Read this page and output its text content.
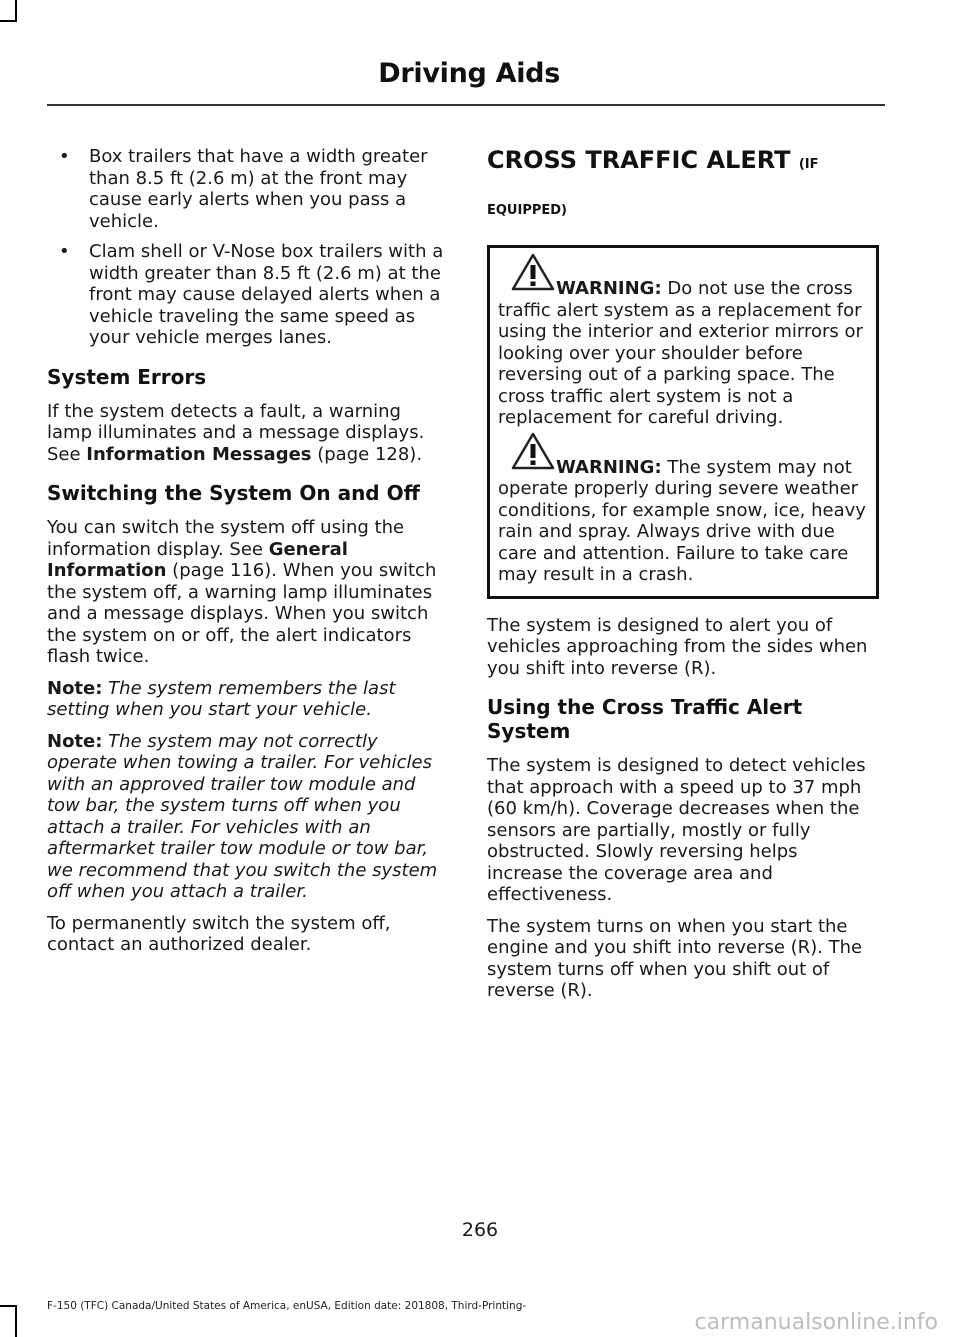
Driving Aids
• Box trailers that have a width greater than 8.5 ft (2.6 m) at the front may cause early alerts when you pass a vehicle.
• Clam shell or V-Nose box trailers with a width greater than 8.5 ft (2.6 m) at the front may cause delayed alerts when a vehicle traveling the same speed as your vehicle merges lanes.
System Errors

If the system detects a fault, a warning lamp illuminates and a message displays. See Information Messages (page 128).

Switching the System On and Off

You can switch the system off using the information display. See General Information (page 116). When you switch the system off, a warning lamp illuminates and a message displays. When you switch the system on or off, the alert indicators flash twice.

Note: The system remembers the last setting when you start your vehicle.

Note: The system may not correctly operate when towing a trailer. For vehicles with an approved trailer tow module and tow bar, the system turns off when you attach a trailer. For vehicles with an aftermarket trailer tow module or tow bar, we recommend that you switch the system off when you attach a trailer.

To permanently switch the system off, contact an authorized dealer.

CROSS TRAFFIC ALERT (IF
EQUIPPED)
WARNING: Do not use the cross traffic alert system as a replacement for using the interior and exterior mirrors or looking over your shoulder before reversing out of a parking space. The cross traffic alert system is not a replacement for careful driving.
WARNING: The system may not operate properly during severe weather conditions, for example snow, ice, heavy rain and spray. Always drive with due care and attention. Failure to take care may result in a crash.

The system is designed to alert you of vehicles approaching from the sides when you shift into reverse (R).

Using the Cross Traffic Alert System

The system is designed to detect vehicles that approach with a speed up to 37 mph (60 km/h). Coverage decreases when the sensors are partially, mostly or fully obstructed. Slowly reversing helps increase the coverage area and effectiveness.

The system turns on when you start the engine and you shift into reverse (R). The system turns off when you shift out of reverse (R).

266
F-150 (TFC) Canada/United States of America, enUSA, Edition date: 201808, Third-Printing-
carmanualsonline.info
